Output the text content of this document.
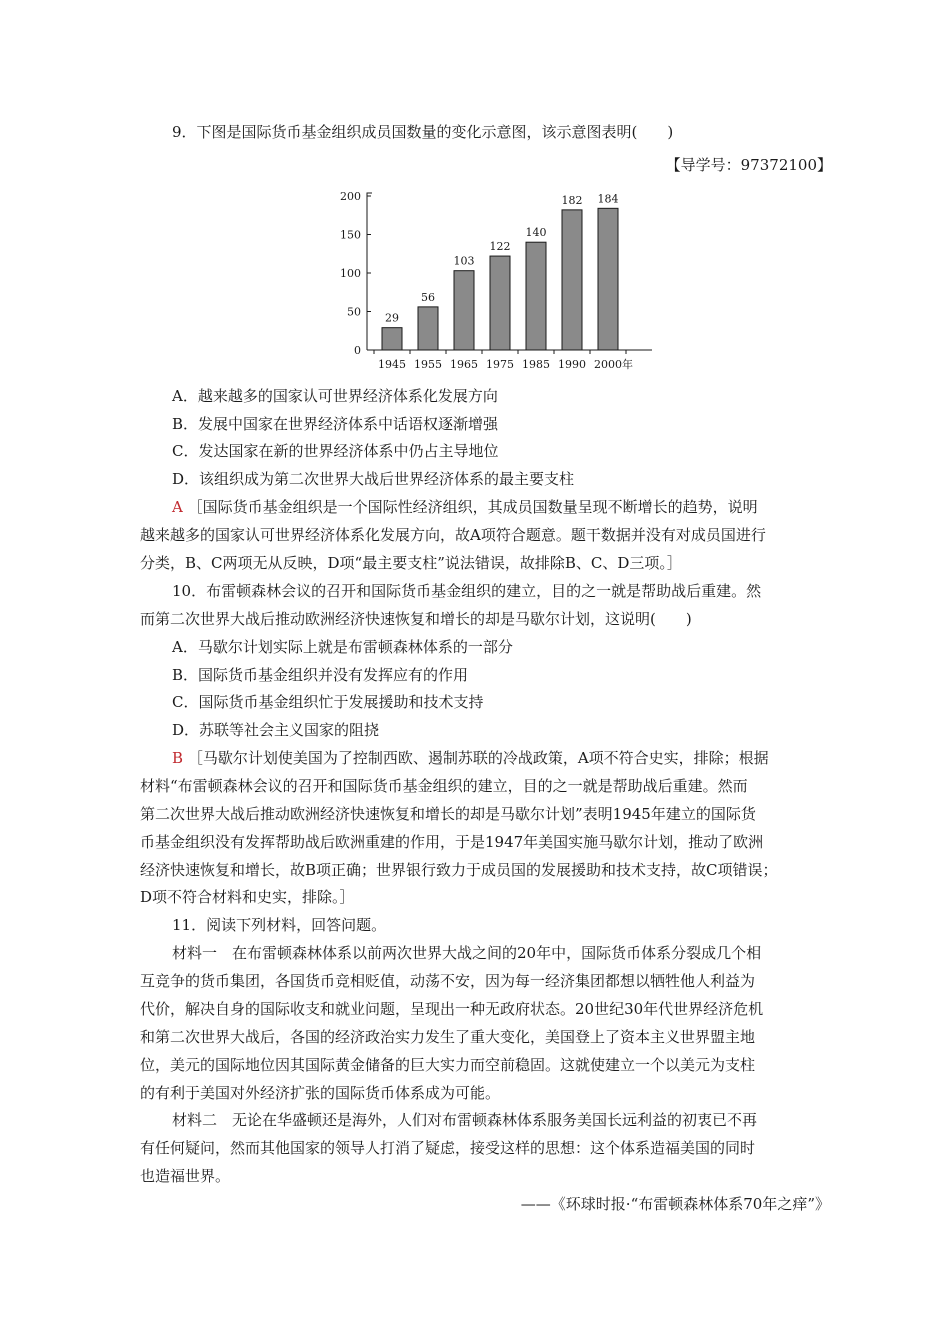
9．下图是国际货币基金组织成员国数量的变化示意图，该示意图表明(　　)
【导学号：97372100】
0
50
100
150
200
29
1945
56
1955
103
1965
122
1975
140
1985
182
1990
184
2000 年
A．越来越多的国家认可世界经济体系化发展方向
B．发展中国家在世界经济体系中话语权逐渐增强
C．发达国家在新的世界经济体系中仍占主导地位
D．该组织成为第二次世界大战后世界经济体系的最主要支柱
A ［国际货币基金组织是一个国际性经济组织，其成员国数量呈现不断增长的趋势，说明
越来越多的国家认可世界经济体系化发展方向，故A项符合题意。题干数据并没有对成员国进行
分类，B、C两项无从反映，D项“最主要支柱”说法错误，故排除B、C、D三项。］
10．布雷顿森林会议的召开和国际货币基金组织的建立，目的之一就是帮助战后重建。然
而第二次世界大战后推动欧洲经济快速恢复和增长的却是马歇尔计划，这说明(　　)
A．马歇尔计划实际上就是布雷顿森林体系的一部分
B．国际货币基金组织并没有发挥应有的作用
C．国际货币基金组织忙于发展援助和技术支持
D．苏联等社会主义国家的阻挠
B ［马歇尔计划使美国为了控制西欧、遏制苏联的冷战政策，A项不符合史实，排除；根据
材料“布雷顿森林会议的召开和国际货币基金组织的建立，目的之一就是帮助战后重建。然而
第二次世界大战后推动欧洲经济快速恢复和增长的却是马歇尔计划”表明1945年建立的国际货
币基金组织没有发挥帮助战后欧洲重建的作用，于是1947年美国实施马歇尔计划，推动了欧洲
经济快速恢复和增长，故B项正确；世界银行致力于成员国的发展援助和技术支持，故C项错误；
D项不符合材料和史实，排除。］
11．阅读下列材料，回答问题。
材料一　在布雷顿森林体系以前两次世界大战之间的20年中，国际货币体系分裂成几个相
互竞争的货币集团，各国货币竞相贬值，动荡不安，因为每一经济集团都想以牺牲他人利益为
代价，解决自身的国际收支和就业问题，呈现出一种无政府状态。20世纪30年代世界经济危机
和第二次世界大战后，各国的经济政治实力发生了重大变化，美国登上了资本主义世界盟主地
位，美元的国际地位因其国际黄金储备的巨大实力而空前稳固。这就使建立一个以美元为支柱
的有利于美国对外经济扩张的国际货币体系成为可能。
材料二　无论在华盛顿还是海外，人们对布雷顿森林体系服务美国长远利益的初衷已不再
有任何疑问，然而其他国家的领导人打消了疑虑，接受这样的思想：这个体系造福美国的同时
也造福世界。
——《环球时报·“布雷顿森林体系70年之痒”》
